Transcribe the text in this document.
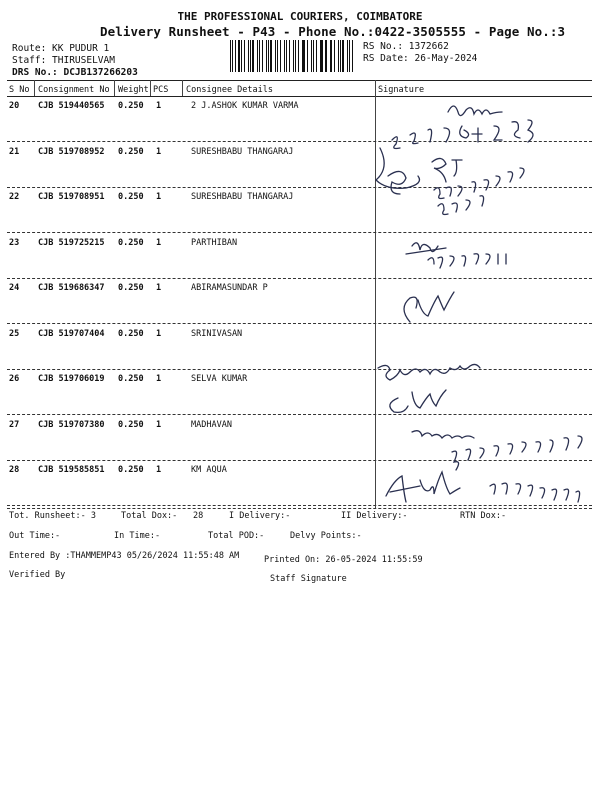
THE PROFESSIONAL COURIERS, COIMBATORE
Delivery Runsheet - P43 - Phone No.:0422-3505555 - Page No.:3
Route: KK PUDUR 1
Staff: THIRUSELVAM
DRS No.: DCJB137266203
RS No.: 1372662
RS Date: 26-May-2024
S No Consignment No Weight PCS Consignee Details	Signature
20 CJB 519440565 0.250 1	2 J.ASHOK KUMAR VARMA
21 CJB 519708952 0.250 1	SURESHBABU THANGARAJ
22 CJB 519708951 0.250 1	SURESHBABU THANGARAJ
23 CJB 519725215 0.250 1	PARTHIBAN
24 CJB 519686347 0.250 1	ABIRAMASUNDAR P
25 CJB 519707404 0.250 1	SRINIVASAN
26 CJB 519706019 0.250 1	SELVA KUMAR
27 CJB 519707380 0.250 1	MADHAVAN
28 CJB 519585851 0.250 1	KM AQUA
Tot. Runsheet:- 3	Total Dox:- 28	I Delivery:-	II Delivery:-	RTN Dox:-
Out Time:-	In Time:-	Total POD:-	Delvy Points:-
Entered By :THAMMEMP43 05/26/2024 11:55:48 AM	Printed On: 26-05-2024 11:55:59
Verified By	Staff Signature
